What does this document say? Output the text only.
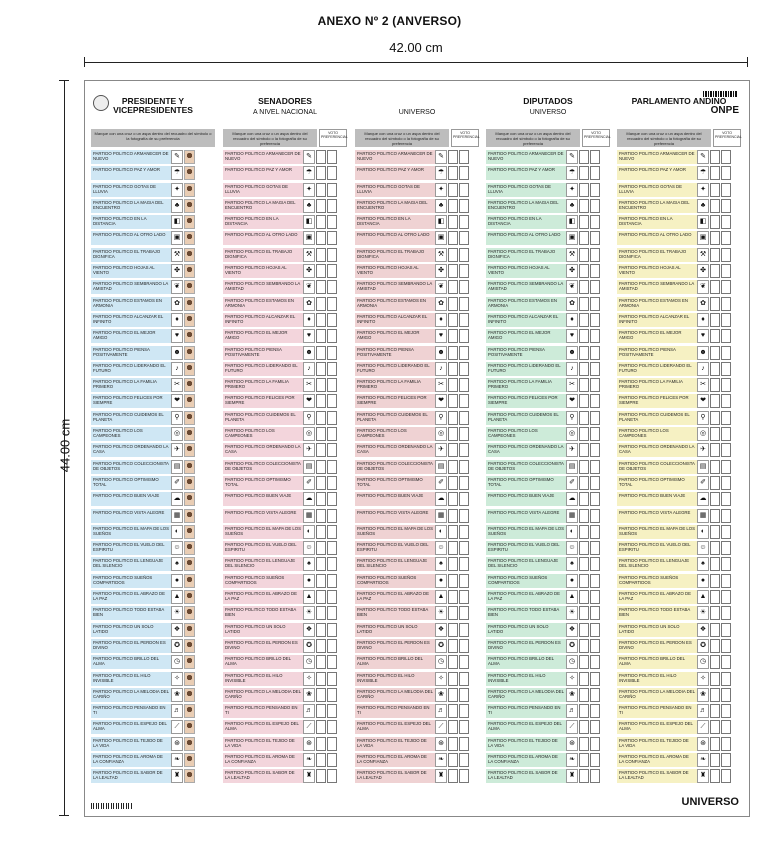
ANEXO Nº 2 (ANVERSO)
42.00 cm
44.00 cm
UNIVERSO
PRESIDENTE Y VICEPRESIDENTES
Marque con una cruz o un aspa dentro del recuadro del símbolo o la fotografía de su preferencia
PARTIDO POLITICO ARMANECER DE NUEVO	✎
PARTIDO POLITICO PAZ Y AMOR	☂
PARTIDO POLITICO GOTAS DE LLUVIA	✦
PARTIDO POLITICO LA MAGIA DEL ENCUENTRO	♣
PARTIDO POLITICO EN LA DISTANCIA	◧
PARTIDO POLITICO AL OTRO LADO	▣
PARTIDO POLITICO EL TRABAJO DIGNIFICA	⚒
PARTIDO POLITICO HOJAS AL VIENTO	✤
PARTIDO POLITICO SEMBRANDO LA AMISTAD	❦
PARTIDO POLITICO ESTAMOS EN ARMONIA	✿
PARTIDO POLITICO ALCANZAR EL INFINITO	♦
PARTIDO POLITICO EL MEJOR AMIGO	♥
PARTIDO POLITICO PIENSA POSITIVAMENTE	☻
PARTIDO POLITICO LIDERANDO EL FUTURO	♪
PARTIDO POLITICO LA FAMILIA PRIMERO	✂
PARTIDO POLITICO FELICES POR SIEMPRE	❤
PARTIDO POLITICO CUIDEMOS EL PLANETA	⚲
PARTIDO POLITICO LOS CAMPEONES	◎
PARTIDO POLITICO ORDENANDO LA CASA	✈
PARTIDO POLITICO COLECCIONISTA DE OBJETOS	▤
PARTIDO POLITICO OPTIMISMO TOTAL	✐
PARTIDO POLITICO BUEN VIAJE	☁
PARTIDO POLITICO VISTA ALEGRE	▦
PARTIDO POLITICO EL MAPA DE LOS SUEÑOS	◐
PARTIDO POLITICO EL VUELO DEL ESPIRITU	☺
PARTIDO POLITICO EL LENGUAJE DEL SILENCIO	♠
PARTIDO POLITICO SUEÑOS COMPARTIDOS	●
PARTIDO POLITICO EL ABRAZO DE LA PAZ	▲
PARTIDO POLITICO TODO ESTABA BIEN	☀
PARTIDO POLITICO UN SOLO LATIDO	❖
PARTIDO POLITICO EL PERDON ES DIVINO	✪
PARTIDO POLITICO BRILLO DEL ALMA	◷
PARTIDO POLITICO EL HILO INVISIBLE	✧
PARTIDO POLITICO LA MELODIA DEL CARIÑO	❀
PARTIDO POLITICO PENSANDO EN TI	♬
PARTIDO POLITICO EL ESPEJO DEL ALMA	⟋
PARTIDO POLITICO EL TEJIDO DE LA VIDA	⊛
PARTIDO POLITICO EL AROMA DE LA CONFIANZA	❧
PARTIDO POLITICO EL SABOR DE LA LEALTAD	♜
SENADORES
A NIVEL NACIONAL
Marque con una cruz o un aspa dentro del recuadro del símbolo o la fotografía de su preferencia
VOTO PREFERENCIAL
PARTIDO POLITICO ARMANECER DE NUEVO	✎
PARTIDO POLITICO PAZ Y AMOR	☂
PARTIDO POLITICO GOTAS DE LLUVIA	✦
PARTIDO POLITICO LA MAGIA DEL ENCUENTRO	♣
PARTIDO POLITICO EN LA DISTANCIA	◧
PARTIDO POLITICO AL OTRO LADO	▣
PARTIDO POLITICO EL TRABAJO DIGNIFICA	⚒
PARTIDO POLITICO HOJAS AL VIENTO	✤
PARTIDO POLITICO SEMBRANDO LA AMISTAD	❦
PARTIDO POLITICO ESTAMOS EN ARMONIA	✿
PARTIDO POLITICO ALCANZAR EL INFINITO	♦
PARTIDO POLITICO EL MEJOR AMIGO	♥
PARTIDO POLITICO PIENSA POSITIVAMENTE	☻
PARTIDO POLITICO LIDERANDO EL FUTURO	♪
PARTIDO POLITICO LA FAMILIA PRIMERO	✂
PARTIDO POLITICO FELICES POR SIEMPRE	❤
PARTIDO POLITICO CUIDEMOS EL PLANETA	⚲
PARTIDO POLITICO LOS CAMPEONES	◎
PARTIDO POLITICO ORDENANDO LA CASA	✈
PARTIDO POLITICO COLECCIONISTA DE OBJETOS	▤
PARTIDO POLITICO OPTIMISMO TOTAL	✐
PARTIDO POLITICO BUEN VIAJE	☁
PARTIDO POLITICO VISTA ALEGRE	▦
PARTIDO POLITICO EL MAPA DE LOS SUEÑOS	◐
PARTIDO POLITICO EL VUELO DEL ESPIRITU	☺
PARTIDO POLITICO EL LENGUAJE DEL SILENCIO	♠
PARTIDO POLITICO SUEÑOS COMPARTIDOS	●
PARTIDO POLITICO EL ABRAZO DE LA PAZ	▲
PARTIDO POLITICO TODO ESTABA BIEN	☀
PARTIDO POLITICO UN SOLO LATIDO	❖
PARTIDO POLITICO EL PERDON ES DIVINO	✪
PARTIDO POLITICO BRILLO DEL ALMA	◷
PARTIDO POLITICO EL HILO INVISIBLE	✧
PARTIDO POLITICO LA MELODIA DEL CARIÑO	❀
PARTIDO POLITICO PENSANDO EN TI	♬
PARTIDO POLITICO EL ESPEJO DEL ALMA	⟋
PARTIDO POLITICO EL TEJIDO DE LA VIDA	⊛
PARTIDO POLITICO EL AROMA DE LA CONFIANZA	❧
PARTIDO POLITICO EL SABOR DE LA LEALTAD	♜
UNIVERSO
Marque con una cruz o un aspa dentro del recuadro del símbolo o la fotografía de su preferencia
VOTO PREFERENCIAL
PARTIDO POLITICO ARMANECER DE NUEVO	✎
PARTIDO POLITICO PAZ Y AMOR	☂
PARTIDO POLITICO GOTAS DE LLUVIA	✦
PARTIDO POLITICO LA MAGIA DEL ENCUENTRO	♣
PARTIDO POLITICO EN LA DISTANCIA	◧
PARTIDO POLITICO AL OTRO LADO	▣
PARTIDO POLITICO EL TRABAJO DIGNIFICA	⚒
PARTIDO POLITICO HOJAS AL VIENTO	✤
PARTIDO POLITICO SEMBRANDO LA AMISTAD	❦
PARTIDO POLITICO ESTAMOS EN ARMONIA	✿
PARTIDO POLITICO ALCANZAR EL INFINITO	♦
PARTIDO POLITICO EL MEJOR AMIGO	♥
PARTIDO POLITICO PIENSA POSITIVAMENTE	☻
PARTIDO POLITICO LIDERANDO EL FUTURO	♪
PARTIDO POLITICO LA FAMILIA PRIMERO	✂
PARTIDO POLITICO FELICES POR SIEMPRE	❤
PARTIDO POLITICO CUIDEMOS EL PLANETA	⚲
PARTIDO POLITICO LOS CAMPEONES	◎
PARTIDO POLITICO ORDENANDO LA CASA	✈
PARTIDO POLITICO COLECCIONISTA DE OBJETOS	▤
PARTIDO POLITICO OPTIMISMO TOTAL	✐
PARTIDO POLITICO BUEN VIAJE	☁
PARTIDO POLITICO VISTA ALEGRE	▦
PARTIDO POLITICO EL MAPA DE LOS SUEÑOS	◐
PARTIDO POLITICO EL VUELO DEL ESPIRITU	☺
PARTIDO POLITICO EL LENGUAJE DEL SILENCIO	♠
PARTIDO POLITICO SUEÑOS COMPARTIDOS	●
PARTIDO POLITICO EL ABRAZO DE LA PAZ	▲
PARTIDO POLITICO TODO ESTABA BIEN	☀
PARTIDO POLITICO UN SOLO LATIDO	❖
PARTIDO POLITICO EL PERDON ES DIVINO	✪
PARTIDO POLITICO BRILLO DEL ALMA	◷
PARTIDO POLITICO EL HILO INVISIBLE	✧
PARTIDO POLITICO LA MELODIA DEL CARIÑO	❀
PARTIDO POLITICO PENSANDO EN TI	♬
PARTIDO POLITICO EL ESPEJO DEL ALMA	⟋
PARTIDO POLITICO EL TEJIDO DE LA VIDA	⊛
PARTIDO POLITICO EL AROMA DE LA CONFIANZA	❧
PARTIDO POLITICO EL SABOR DE LA LEALTAD	♜
DIPUTADOS
UNIVERSO
Marque con una cruz o un aspa dentro del recuadro del símbolo o la fotografía de su preferencia
VOTO PREFERENCIAL
PARTIDO POLITICO ARMANECER DE NUEVO	✎
PARTIDO POLITICO PAZ Y AMOR	☂
PARTIDO POLITICO GOTAS DE LLUVIA	✦
PARTIDO POLITICO LA MAGIA DEL ENCUENTRO	♣
PARTIDO POLITICO EN LA DISTANCIA	◧
PARTIDO POLITICO AL OTRO LADO	▣
PARTIDO POLITICO EL TRABAJO DIGNIFICA	⚒
PARTIDO POLITICO HOJAS AL VIENTO	✤
PARTIDO POLITICO SEMBRANDO LA AMISTAD	❦
PARTIDO POLITICO ESTAMOS EN ARMONIA	✿
PARTIDO POLITICO ALCANZAR EL INFINITO	♦
PARTIDO POLITICO EL MEJOR AMIGO	♥
PARTIDO POLITICO PIENSA POSITIVAMENTE	☻
PARTIDO POLITICO LIDERANDO EL FUTURO	♪
PARTIDO POLITICO LA FAMILIA PRIMERO	✂
PARTIDO POLITICO FELICES POR SIEMPRE	❤
PARTIDO POLITICO CUIDEMOS EL PLANETA	⚲
PARTIDO POLITICO LOS CAMPEONES	◎
PARTIDO POLITICO ORDENANDO LA CASA	✈
PARTIDO POLITICO COLECCIONISTA DE OBJETOS	▤
PARTIDO POLITICO OPTIMISMO TOTAL	✐
PARTIDO POLITICO BUEN VIAJE	☁
PARTIDO POLITICO VISTA ALEGRE	▦
PARTIDO POLITICO EL MAPA DE LOS SUEÑOS	◐
PARTIDO POLITICO EL VUELO DEL ESPIRITU	☺
PARTIDO POLITICO EL LENGUAJE DEL SILENCIO	♠
PARTIDO POLITICO SUEÑOS COMPARTIDOS	●
PARTIDO POLITICO EL ABRAZO DE LA PAZ	▲
PARTIDO POLITICO TODO ESTABA BIEN	☀
PARTIDO POLITICO UN SOLO LATIDO	❖
PARTIDO POLITICO EL PERDON ES DIVINO	✪
PARTIDO POLITICO BRILLO DEL ALMA	◷
PARTIDO POLITICO EL HILO INVISIBLE	✧
PARTIDO POLITICO LA MELODIA DEL CARIÑO	❀
PARTIDO POLITICO PENSANDO EN TI	♬
PARTIDO POLITICO EL ESPEJO DEL ALMA	⟋
PARTIDO POLITICO EL TEJIDO DE LA VIDA	⊛
PARTIDO POLITICO EL AROMA DE LA CONFIANZA	❧
PARTIDO POLITICO EL SABOR DE LA LEALTAD	♜
ONPE
PARLAMENTO ANDINO
Marque con una cruz o un aspa dentro del recuadro del símbolo o la fotografía de su preferencia
VOTO PREFERENCIAL
PARTIDO POLITICO ARMANECER DE NUEVO	✎
PARTIDO POLITICO PAZ Y AMOR	☂
PARTIDO POLITICO GOTAS DE LLUVIA	✦
PARTIDO POLITICO LA MAGIA DEL ENCUENTRO	♣
PARTIDO POLITICO EN LA DISTANCIA	◧
PARTIDO POLITICO AL OTRO LADO	▣
PARTIDO POLITICO EL TRABAJO DIGNIFICA	⚒
PARTIDO POLITICO HOJAS AL VIENTO	✤
PARTIDO POLITICO SEMBRANDO LA AMISTAD	❦
PARTIDO POLITICO ESTAMOS EN ARMONIA	✿
PARTIDO POLITICO ALCANZAR EL INFINITO	♦
PARTIDO POLITICO EL MEJOR AMIGO	♥
PARTIDO POLITICO PIENSA POSITIVAMENTE	☻
PARTIDO POLITICO LIDERANDO EL FUTURO	♪
PARTIDO POLITICO LA FAMILIA PRIMERO	✂
PARTIDO POLITICO FELICES POR SIEMPRE	❤
PARTIDO POLITICO CUIDEMOS EL PLANETA	⚲
PARTIDO POLITICO LOS CAMPEONES	◎
PARTIDO POLITICO ORDENANDO LA CASA	✈
PARTIDO POLITICO COLECCIONISTA DE OBJETOS	▤
PARTIDO POLITICO OPTIMISMO TOTAL	✐
PARTIDO POLITICO BUEN VIAJE	☁
PARTIDO POLITICO VISTA ALEGRE	▦
PARTIDO POLITICO EL MAPA DE LOS SUEÑOS	◐
PARTIDO POLITICO EL VUELO DEL ESPIRITU	☺
PARTIDO POLITICO EL LENGUAJE DEL SILENCIO	♠
PARTIDO POLITICO SUEÑOS COMPARTIDOS	●
PARTIDO POLITICO EL ABRAZO DE LA PAZ	▲
PARTIDO POLITICO TODO ESTABA BIEN	☀
PARTIDO POLITICO UN SOLO LATIDO	❖
PARTIDO POLITICO EL PERDON ES DIVINO	✪
PARTIDO POLITICO BRILLO DEL ALMA	◷
PARTIDO POLITICO EL HILO INVISIBLE	✧
PARTIDO POLITICO LA MELODIA DEL CARIÑO	❀
PARTIDO POLITICO PENSANDO EN TI	♬
PARTIDO POLITICO EL ESPEJO DEL ALMA	⟋
PARTIDO POLITICO EL TEJIDO DE LA VIDA	⊛
PARTIDO POLITICO EL AROMA DE LA CONFIANZA	❧
PARTIDO POLITICO EL SABOR DE LA LEALTAD	♜
